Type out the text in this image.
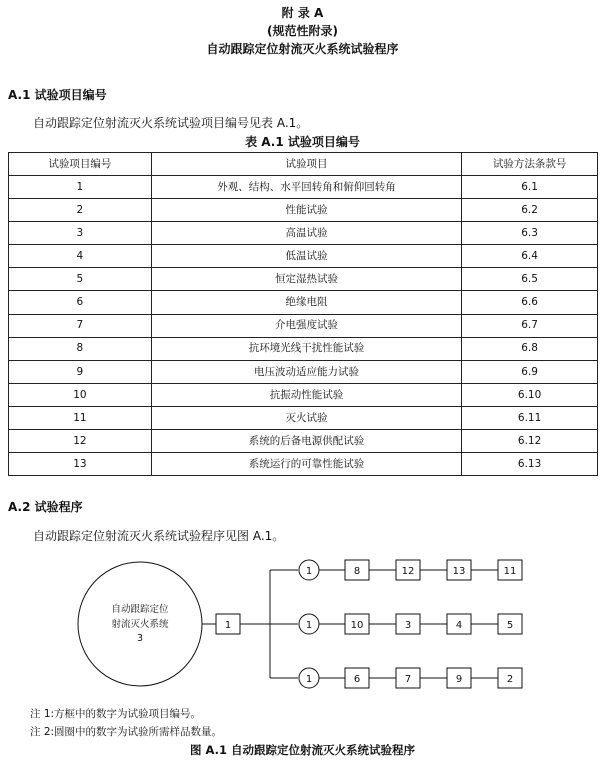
附 录 A
(规范性附录)
自动跟踪定位射流灭火系统试验程序
A.1 试验项目编号
自动跟踪定位射流灭火系统试验项目编号见表 A.1。
表 A.1 试验项目编号
试验项目编号	试验项目	试验方法条款号
1	外观、结构、水平回转角和俯仰回转角	6.1
2	性能试验	6.2
3	高温试验	6.3
4	低温试验	6.4
5	恒定湿热试验	6.5
6	绝缘电阻	6.6
7	介电强度试验	6.7
8	抗环境光线干扰性能试验	6.8
9	电压波动适应能力试验	6.9
10	抗振动性能试验	6.10
11	灭火试验	6.11
12	系统的后备电源供配试验	6.12
13	系统运行的可靠性能试验	6.13
A.2 试验程序
自动跟踪定位射流灭火系统试验程序见图 A.1。
自动跟踪定位
射流灭火系统
3
1
1	8	12	13	11
1	10	3	4	5
1	6	7	9	2
注 1:方框中的数字为试验项目编号。
注 2:圆圈中的数字为试验所需样品数量。
图 A.1 自动跟踪定位射流灭火系统试验程序
